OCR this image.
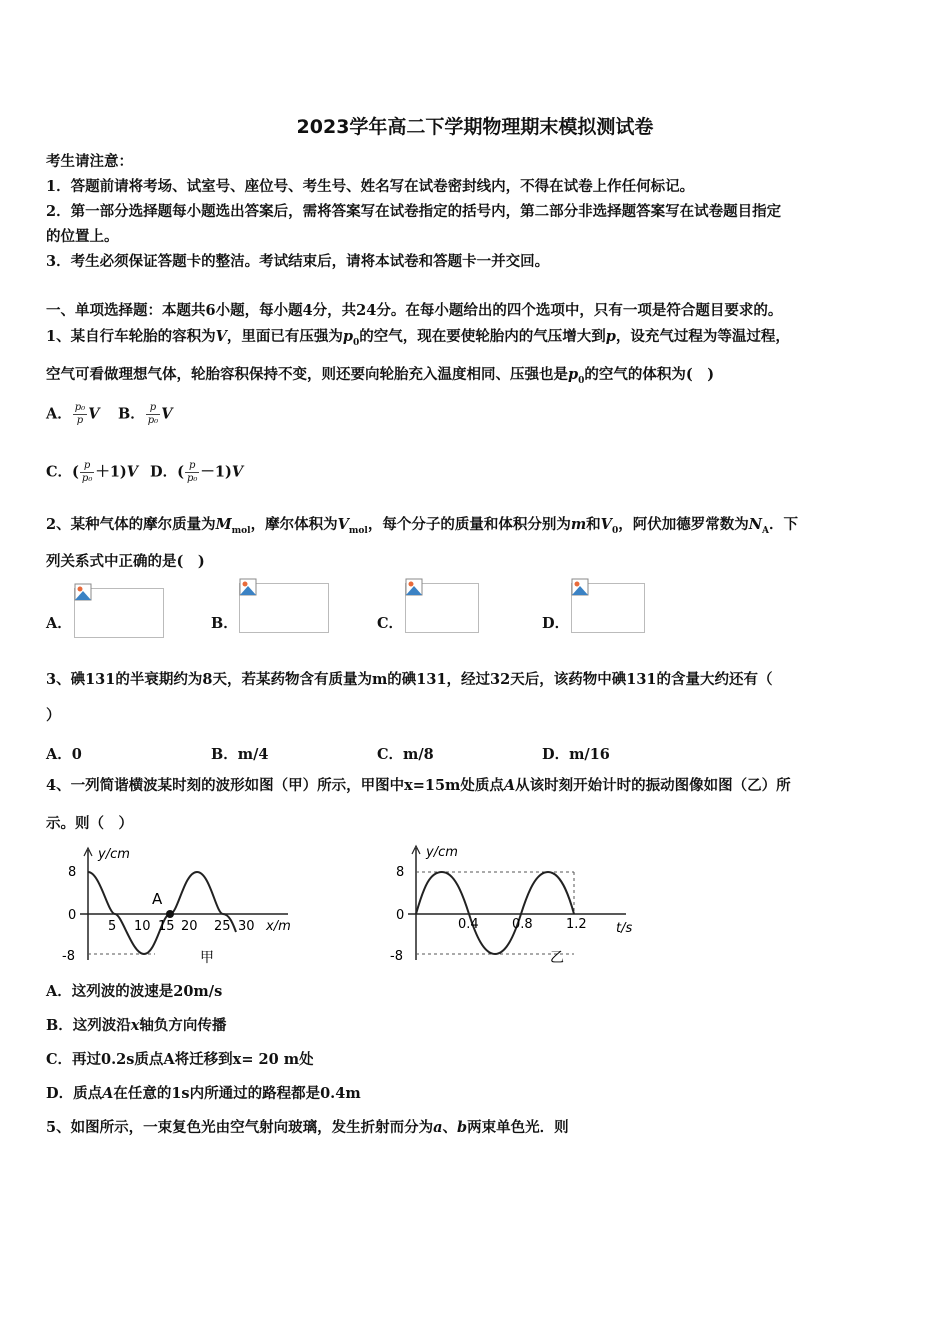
2023学年高二下学期物理期末模拟测试卷
考生请注意：
1．答题前请将考场、试室号、座位号、考生号、姓名写在试卷密封线内，不得在试卷上作任何标记。
2．第一部分选择题每小题选出答案后，需将答案写在试卷指定的括号内，第二部分非选择题答案写在试卷题目指定
的位置上。
3．考生必须保证答题卡的整洁。考试结束后，请将本试卷和答题卡一并交回。
一、单项选择题：本题共6小题，每小题4分，共24分。在每小题给出的四个选项中，只有一项是符合题目要求的。
1、某自行车轮胎的容积为V，里面已有压强为$p_0$的空气，现在要使轮胎内的气压增大到p，设充气过程为等温过程，
空气可看做理想气体，轮胎容积保持不变，则还要向轮胎充入温度相同、压强也是$p_0$的空气的体积为(　)
A． $\frac{\text{p₀}}{p}$ V B． $\frac{p}{\text{p₀}}$ V
C．( $\frac{p}{\text{p₀}} +1)V$ D．( $\frac{p}{\text{p₀}} -1)V$
2、某种气体的摩尔质量为$M_{mol}$，摩尔体积为$V_{mol}$，每个分子的质量和体积分别为m和$V_0$，阿伏加德罗常数为$N_A$．下
列关系式中正确的是(　)
A．	B．	C．	D．
3、碘131的半衰期约为8天，若某药物含有质量为m的碘131，经过32天后，该药物中碘131的含量大约还有（
）
A．0	B．m/4	C．m/8	D．m/16
4、一列简谐横波某时刻的波形如图（甲）所示，甲图中x=15m处质点A从该时刻开始计时的振动图像如图（乙）所
示。则（　）
y/cm
8
0
-8
A
5 10 15 20 25 30 x/m
甲
y/cm
8
0
-8
0.4	0.8	1.2 t/s
乙
A．这列波的波速是20m/s
B．这列波沿x轴负方向传播
C．再过0.2s质点A将迁移到x= 20 m处
D．质点A在任意的1s内所通过的路程都是0.4m
5、如图所示，一束复色光由空气射向玻璃，发生折射而分为a、b两束单色光．则
